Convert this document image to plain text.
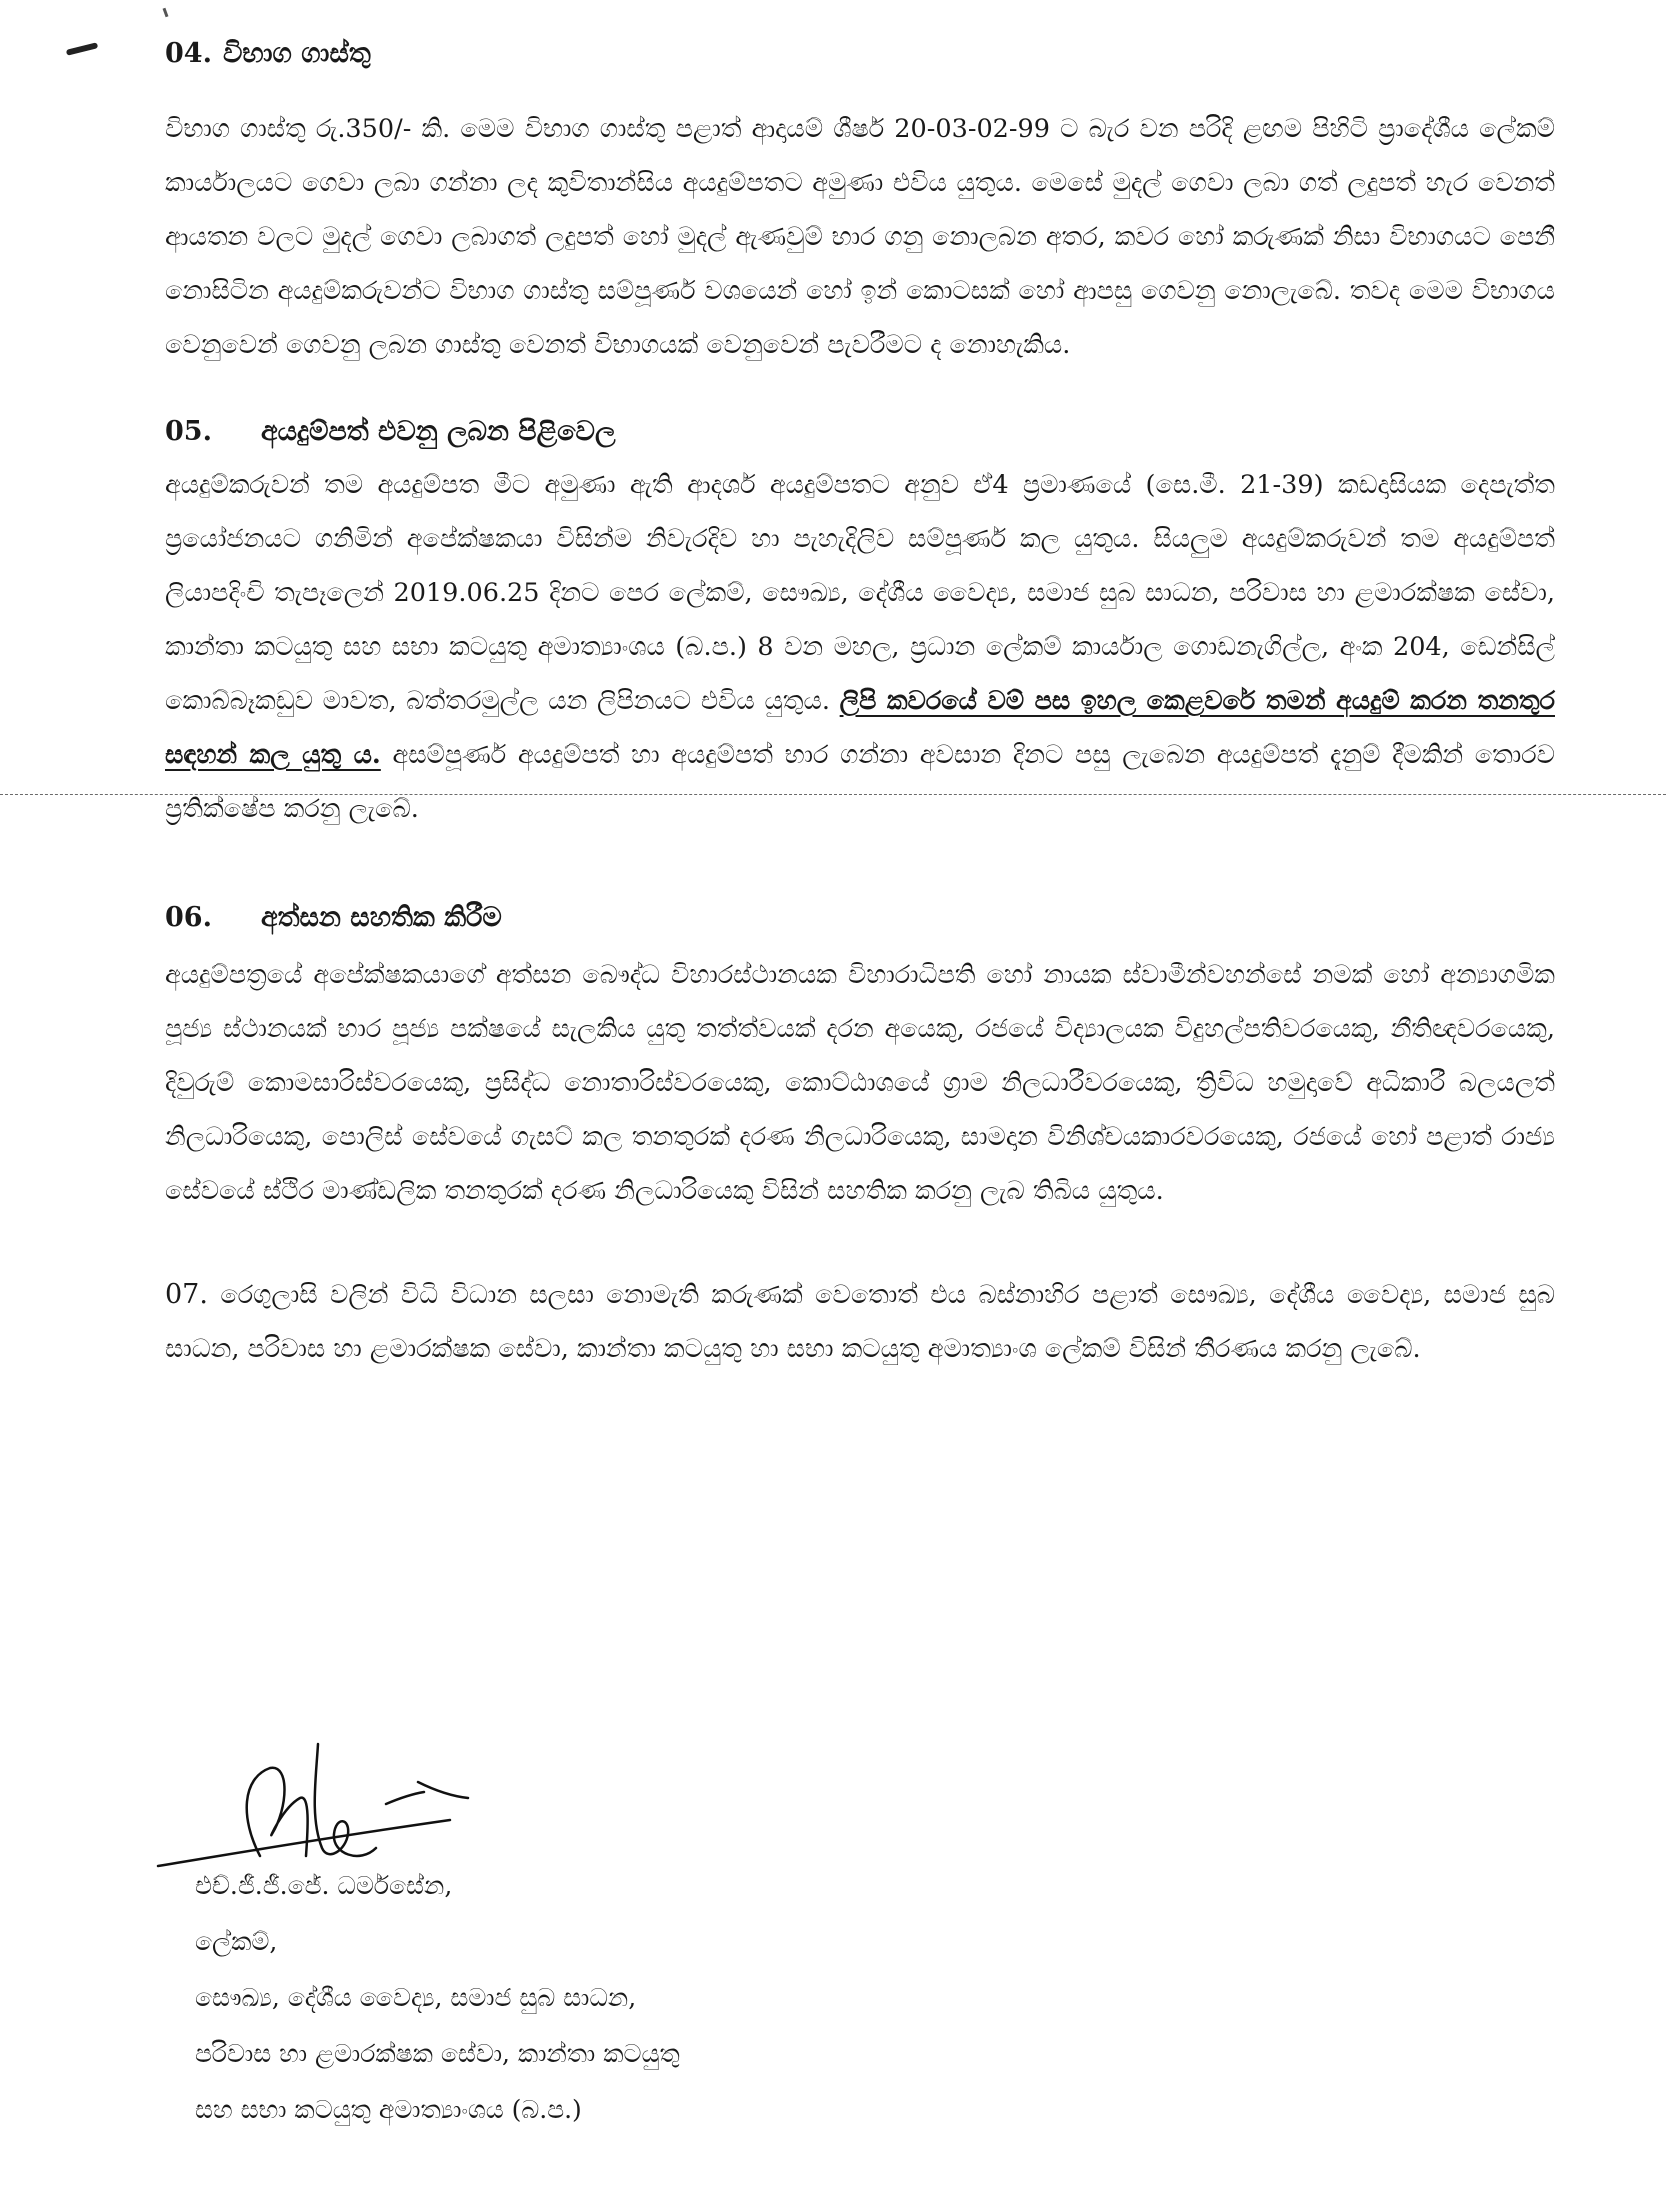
04. විභාග ගාස්තු

විභාග ගාස්තු රු.350/- කි. මෙම විභාග ගාස්තු පළාත් ආදායම් ශීර්ෂ 20-03-02-99 ට බැර වන පරිදි ළඟම පිහිටි ප්‍රාදේශීය ලේකම් කාර්යාලයට ගෙවා ලබා ගන්නා ලද කුවිතාන්සිය අයදුම්පතට අමුණා එවිය යුතුය. මෙසේ මුදල් ගෙවා ලබා ගත් ලදුපත් හැර වෙනත් ආයතන වලට මුදල් ගෙවා ලබාගත් ලදුපත් හෝ මුදල් ඇණවුම් භාර ගනු නොලබන අතර, කවර හෝ කරුණක් නිසා විභාගයට පෙනී නොසිටින අයදුම්කරුවන්ට විභාග ගාස්තු සම්පූර්ණ වශයෙන් හෝ ඉන් කොටසක් හෝ ආපසු ගෙවනු නොලැබේ. තවද මෙම විභාගය වෙනුවෙන් ගෙවනු ලබන ගාස්තු වෙනත් විභාගයක් වෙනුවෙන් පැවරීමට ද නොහැකිය.

05. අයදුම්පත් එවනු ලබන පිළිවෙල

අයදුම්කරුවන් තම අයදුම්පත මීට අමුණා ඇති ආදර්ශ අයදුම්පතට අනුව ඒ4 ප්‍රමාණයේ (සෙ.මී. 21-39) කඩදාසියක දෙපැත්ත ප්‍රයෝජනයට ගනිමින් අපේක්ෂකයා විසින්ම නිවැරදිව හා පැහැදිලිව සම්පූර්ණ කල යුතුය. සියලුම අයදුම්කරුවන් තම අයදුම්පත් ලියාපදිංචි තැපෑලෙන් 2019.06.25 දිනට පෙර ලේකම්, සෞඛ්‍ය, දේශීය වෛද්‍ය, සමාජ සුබ සාධන, පරිවාස හා ළමාරක්ෂක සේවා, කාන්තා කටයුතු සහ සභා කටයුතු අමාත්‍යාංශය (බ.ප.) 8 වන මහල, ප්‍රධාන ලේකම් කාර්යාල ගොඩනැගිල්ල, අංක 204, ඩෙන්සිල් කොබ්බෑකඩුව මාවත, බත්තරමුල්ල යන ලිපිනයට එවිය යුතුය. ලිපි කවරයේ වම් පස ඉහල කෙළවරේ තමන් අයදුම් කරන තනතුර සඳහන් කල යුතු ය. අසම්පූර්ණ අයදුම්පත් හා අයදුම්පත් භාර ගන්නා අවසාන දිනට පසු ලැබෙන අයදුම්පත් දැනුම් දීමකින් තොරව ප්‍රතික්ෂේප කරනු ලැබේ.

06. අත්සන සහතික කිරීම

අයදුම්පත්‍රයේ අපේක්ෂකයාගේ අත්සන බෞද්ධ විහාරස්ථානයක විහාරාධිපති හෝ නායක ස්වාමීන්වහන්සේ නමක් හෝ අන්‍යාගමික පූජ්‍ය ස්ථානයක් භාර පූජ්‍ය පක්ෂයේ සැලකිය යුතු තත්ත්වයක් දරන අයෙකු, රජයේ විද්‍යාලයක විදුහල්පතිවරයෙකු, නීතිඥවරයෙකු, දිවුරුම් කොමසාරිස්වරයෙකු, ප්‍රසිද්ධ නොතාරිස්වරයෙකු, කොට්ඨාශයේ ග්‍රාම නිලධාරීවරයෙකු, ත්‍රිවිධ හමුදාවේ අධිකාරී බලයලත් නිලධාරියෙකු, පොලිස් සේවයේ ගැසට් කල තනතුරක් දරණ නිලධාරියෙකු, සාමදාන විනිශ්චයකාරවරයෙකු, රජයේ හෝ පළාත් රාජ්‍ය සේවයේ ස්ථිර මාණ්ඩලික තනතුරක් දරණ නිලධාරියෙකු විසින් සහතික කරනු ලැබ තිබිය යුතුය.

07. රෙගුලාසි වලින් විධි විධාන සලසා නොමැති කරුණක් වෙතොත් එය බස්නාහිර පළාත් සෞඛ්‍ය, දේශීය වෛද්‍ය, සමාජ සුබ සාධන, පරිවාස හා ළමාරක්ෂක සේවා, කාන්තා කටයුතු හා සභා කටයුතු අමාත්‍යාංශ ලේකම් විසින් තීරණය කරනු ලැබේ.

එච්.ජී.ජී.ජේ. ධර්මසේන,
ලේකම්,
සෞඛ්‍ය, දේශීය වෛද්‍ය, සමාජ සුබ සාධන,
පරිවාස හා ළමාරක්ෂක සේවා, කාන්තා කටයුතු
සහ සභා කටයුතු අමාත්‍යාංශය (බ.ප.)
